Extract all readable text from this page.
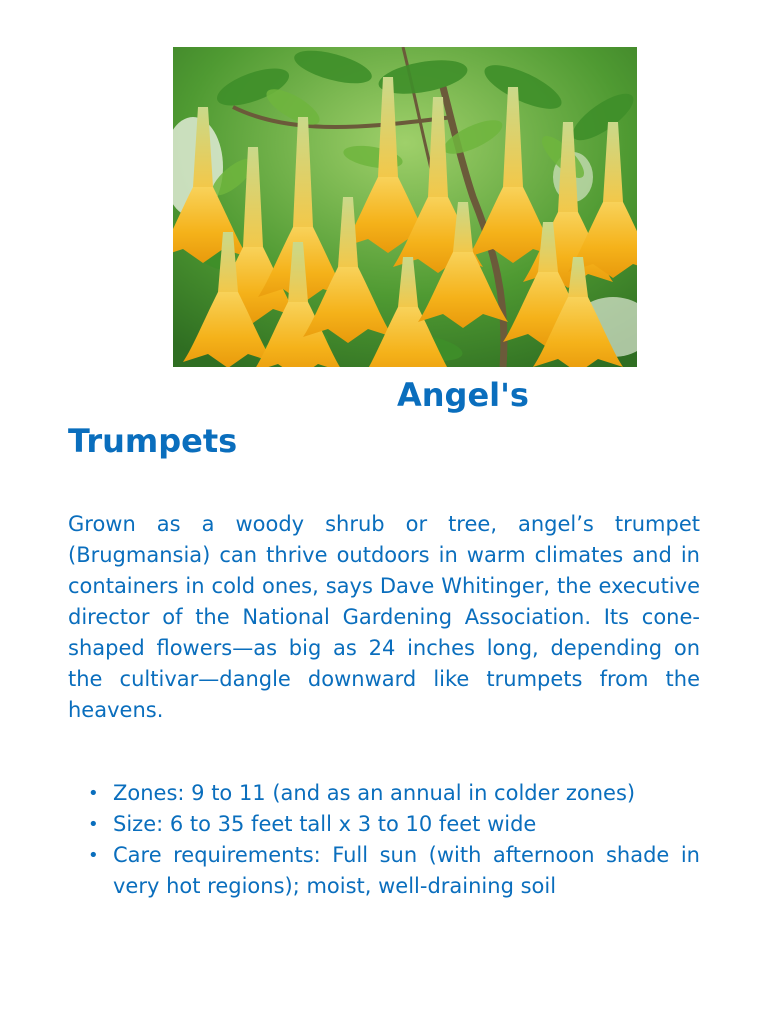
Angel's Trumpets

Grown as a woody shrub or tree, angel’s trumpet (Brugmansia) can thrive outdoors in warm climates and in containers in cold ones, says Dave Whitinger, the executive director of the National Gardening Association. Its cone-shaped flowers—as big as 24 inches long, depending on the cultivar—dangle downward like trumpets from the heavens.

• Zones: 9 to 11 (and as an annual in colder zones)
• Size: 6 to 35 feet tall x 3 to 10 feet wide
• Care requirements: Full sun (with afternoon shade in very hot regions); moist, well-draining soil
